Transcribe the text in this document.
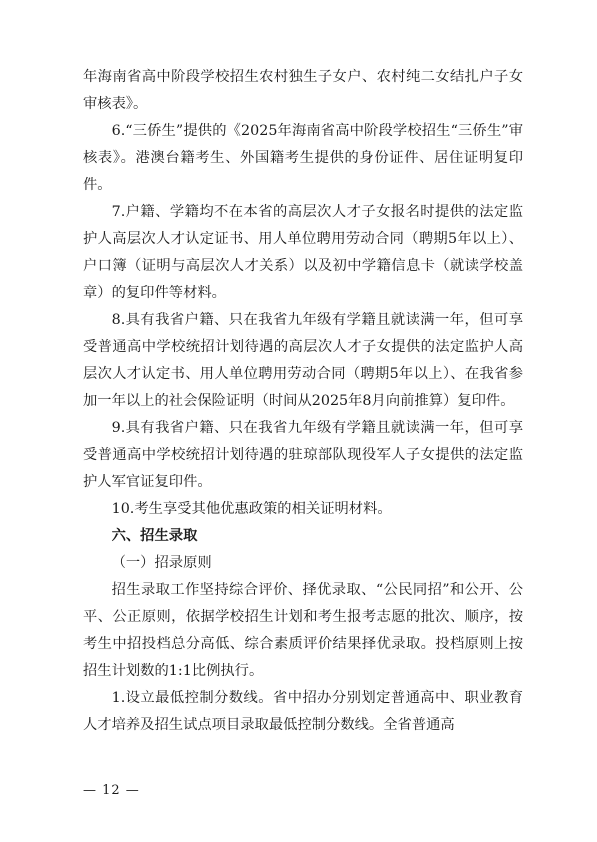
年海南省高中阶段学校招生农村独生子女户、农村纯二女结扎户子女审核表》。

6.“三侨生”提供的《2025年海南省高中阶段学校招生“三侨生”审核表》。港澳台籍考生、外国籍考生提供的身份证件、居住证明复印件。

7.户籍、学籍均不在本省的高层次人才子女报名时提供的法定监护人高层次人才认定证书、用人单位聘用劳动合同（聘期5年以上）、户口簿（证明与高层次人才关系）以及初中学籍信息卡（就读学校盖章）的复印件等材料。

8.具有我省户籍、只在我省九年级有学籍且就读满一年，但可享受普通高中学校统招计划待遇的高层次人才子女提供的法定监护人高层次人才认定书、用人单位聘用劳动合同（聘期5年以上）、在我省参加一年以上的社会保险证明（时间从2025年8月向前推算）复印件。

9.具有我省户籍、只在我省九年级有学籍且就读满一年，但可享受普通高中学校统招计划待遇的驻琼部队现役军人子女提供的法定监护人军官证复印件。

10.考生享受其他优惠政策的相关证明材料。

六、招生录取

（一）招录原则

招生录取工作坚持综合评价、择优录取、“公民同招”和公开、公平、公正原则，依据学校招生计划和考生报考志愿的批次、顺序，按考生中招投档总分高低、综合素质评价结果择优录取。投档原则上按招生计划数的1:1比例执行。

1.设立最低控制分数线。省中招办分别划定普通高中、职业教育人才培养及招生试点项目录取最低控制分数线。全省普通高

— 12 —
